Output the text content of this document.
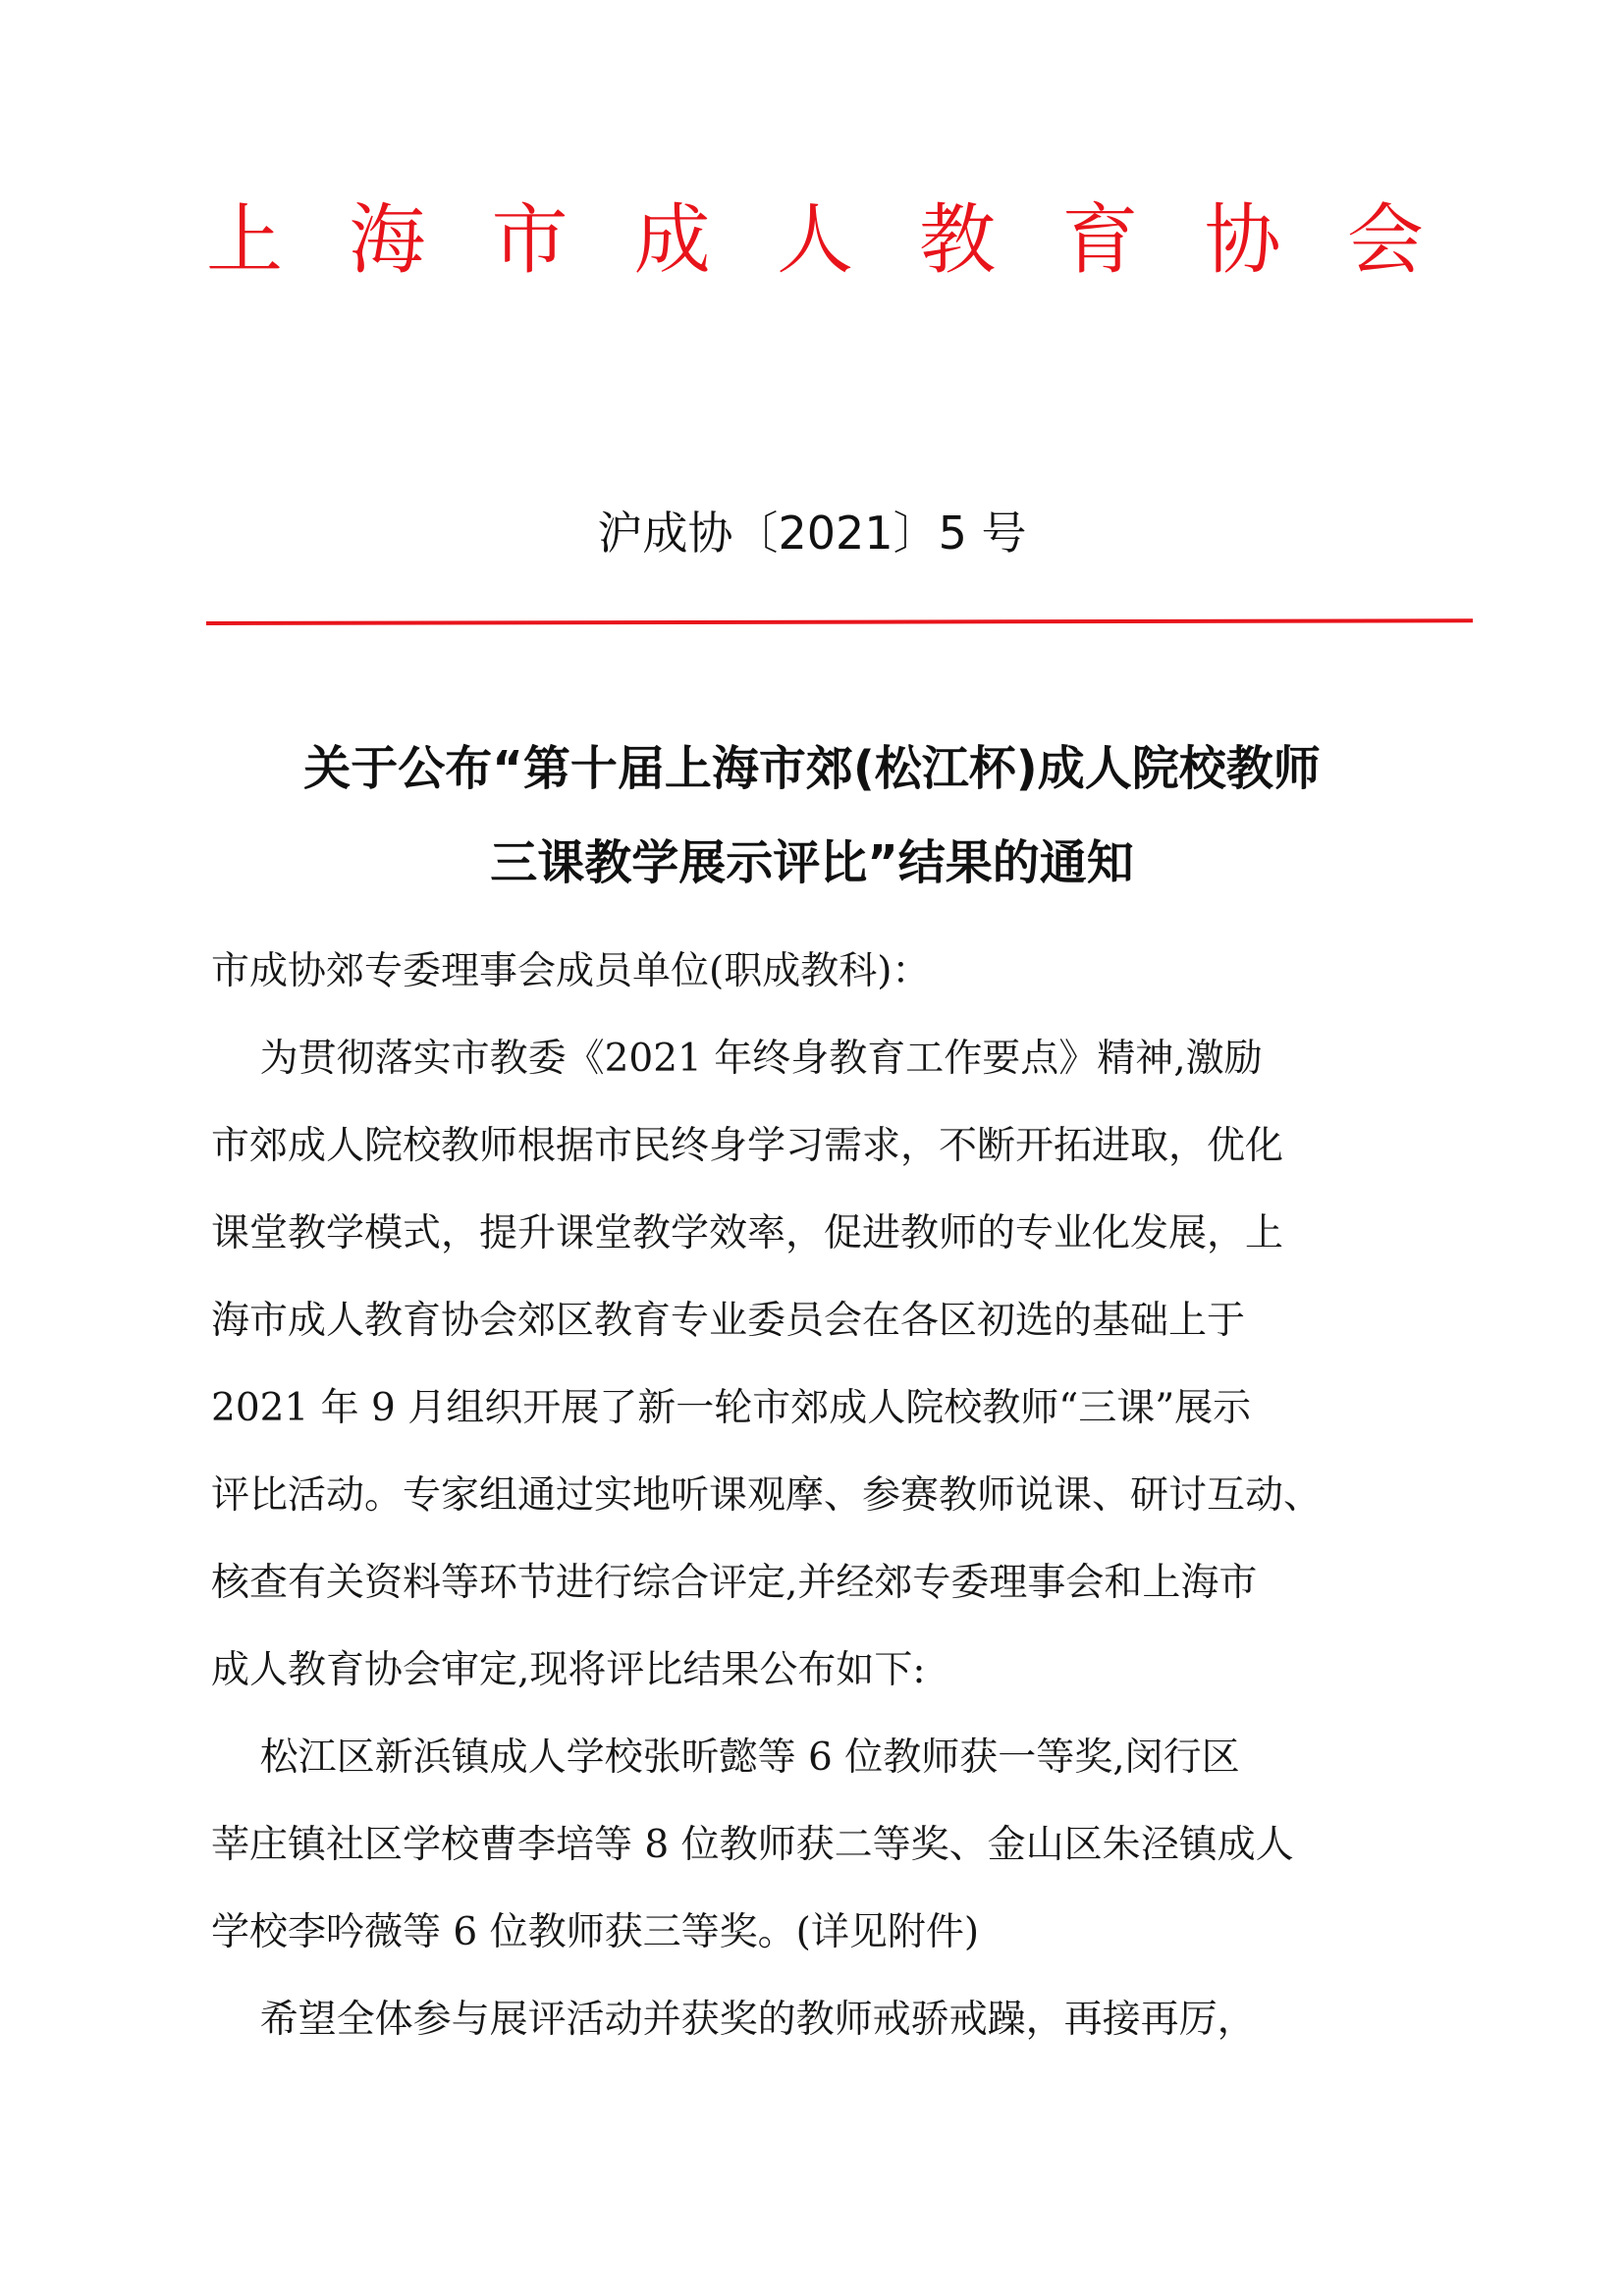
上 海 市 成 人 教 育 协 会
沪成协〔2021〕5 号
关于公布“第十届上海市郊(松江杯)成人院校教师
三课教学展示评比”结果的通知
市成协郊专委理事会成员单位(职成教科)：
为贯彻落实市教委《2021 年终身教育工作要点》精神,激励
市郊成人院校教师根据市民终身学习需求，不断开拓进取，优化
课堂教学模式，提升课堂教学效率，促进教师的专业化发展，上
海市成人教育协会郊区教育专业委员会在各区初选的基础上于
2021 年 9 月组织开展了新一轮市郊成人院校教师“三课”展示
评比活动。专家组通过实地听课观摩、参赛教师说课、研讨互动、
核查有关资料等环节进行综合评定,并经郊专委理事会和上海市
成人教育协会审定,现将评比结果公布如下:
松江区新浜镇成人学校张昕懿等 6 位教师获一等奖,闵行区
莘庄镇社区学校曹李培等 8 位教师获二等奖、金山区朱泾镇成人
学校李吟薇等 6 位教师获三等奖。(详见附件)
希望全体参与展评活动并获奖的教师戒骄戒躁，再接再厉，
